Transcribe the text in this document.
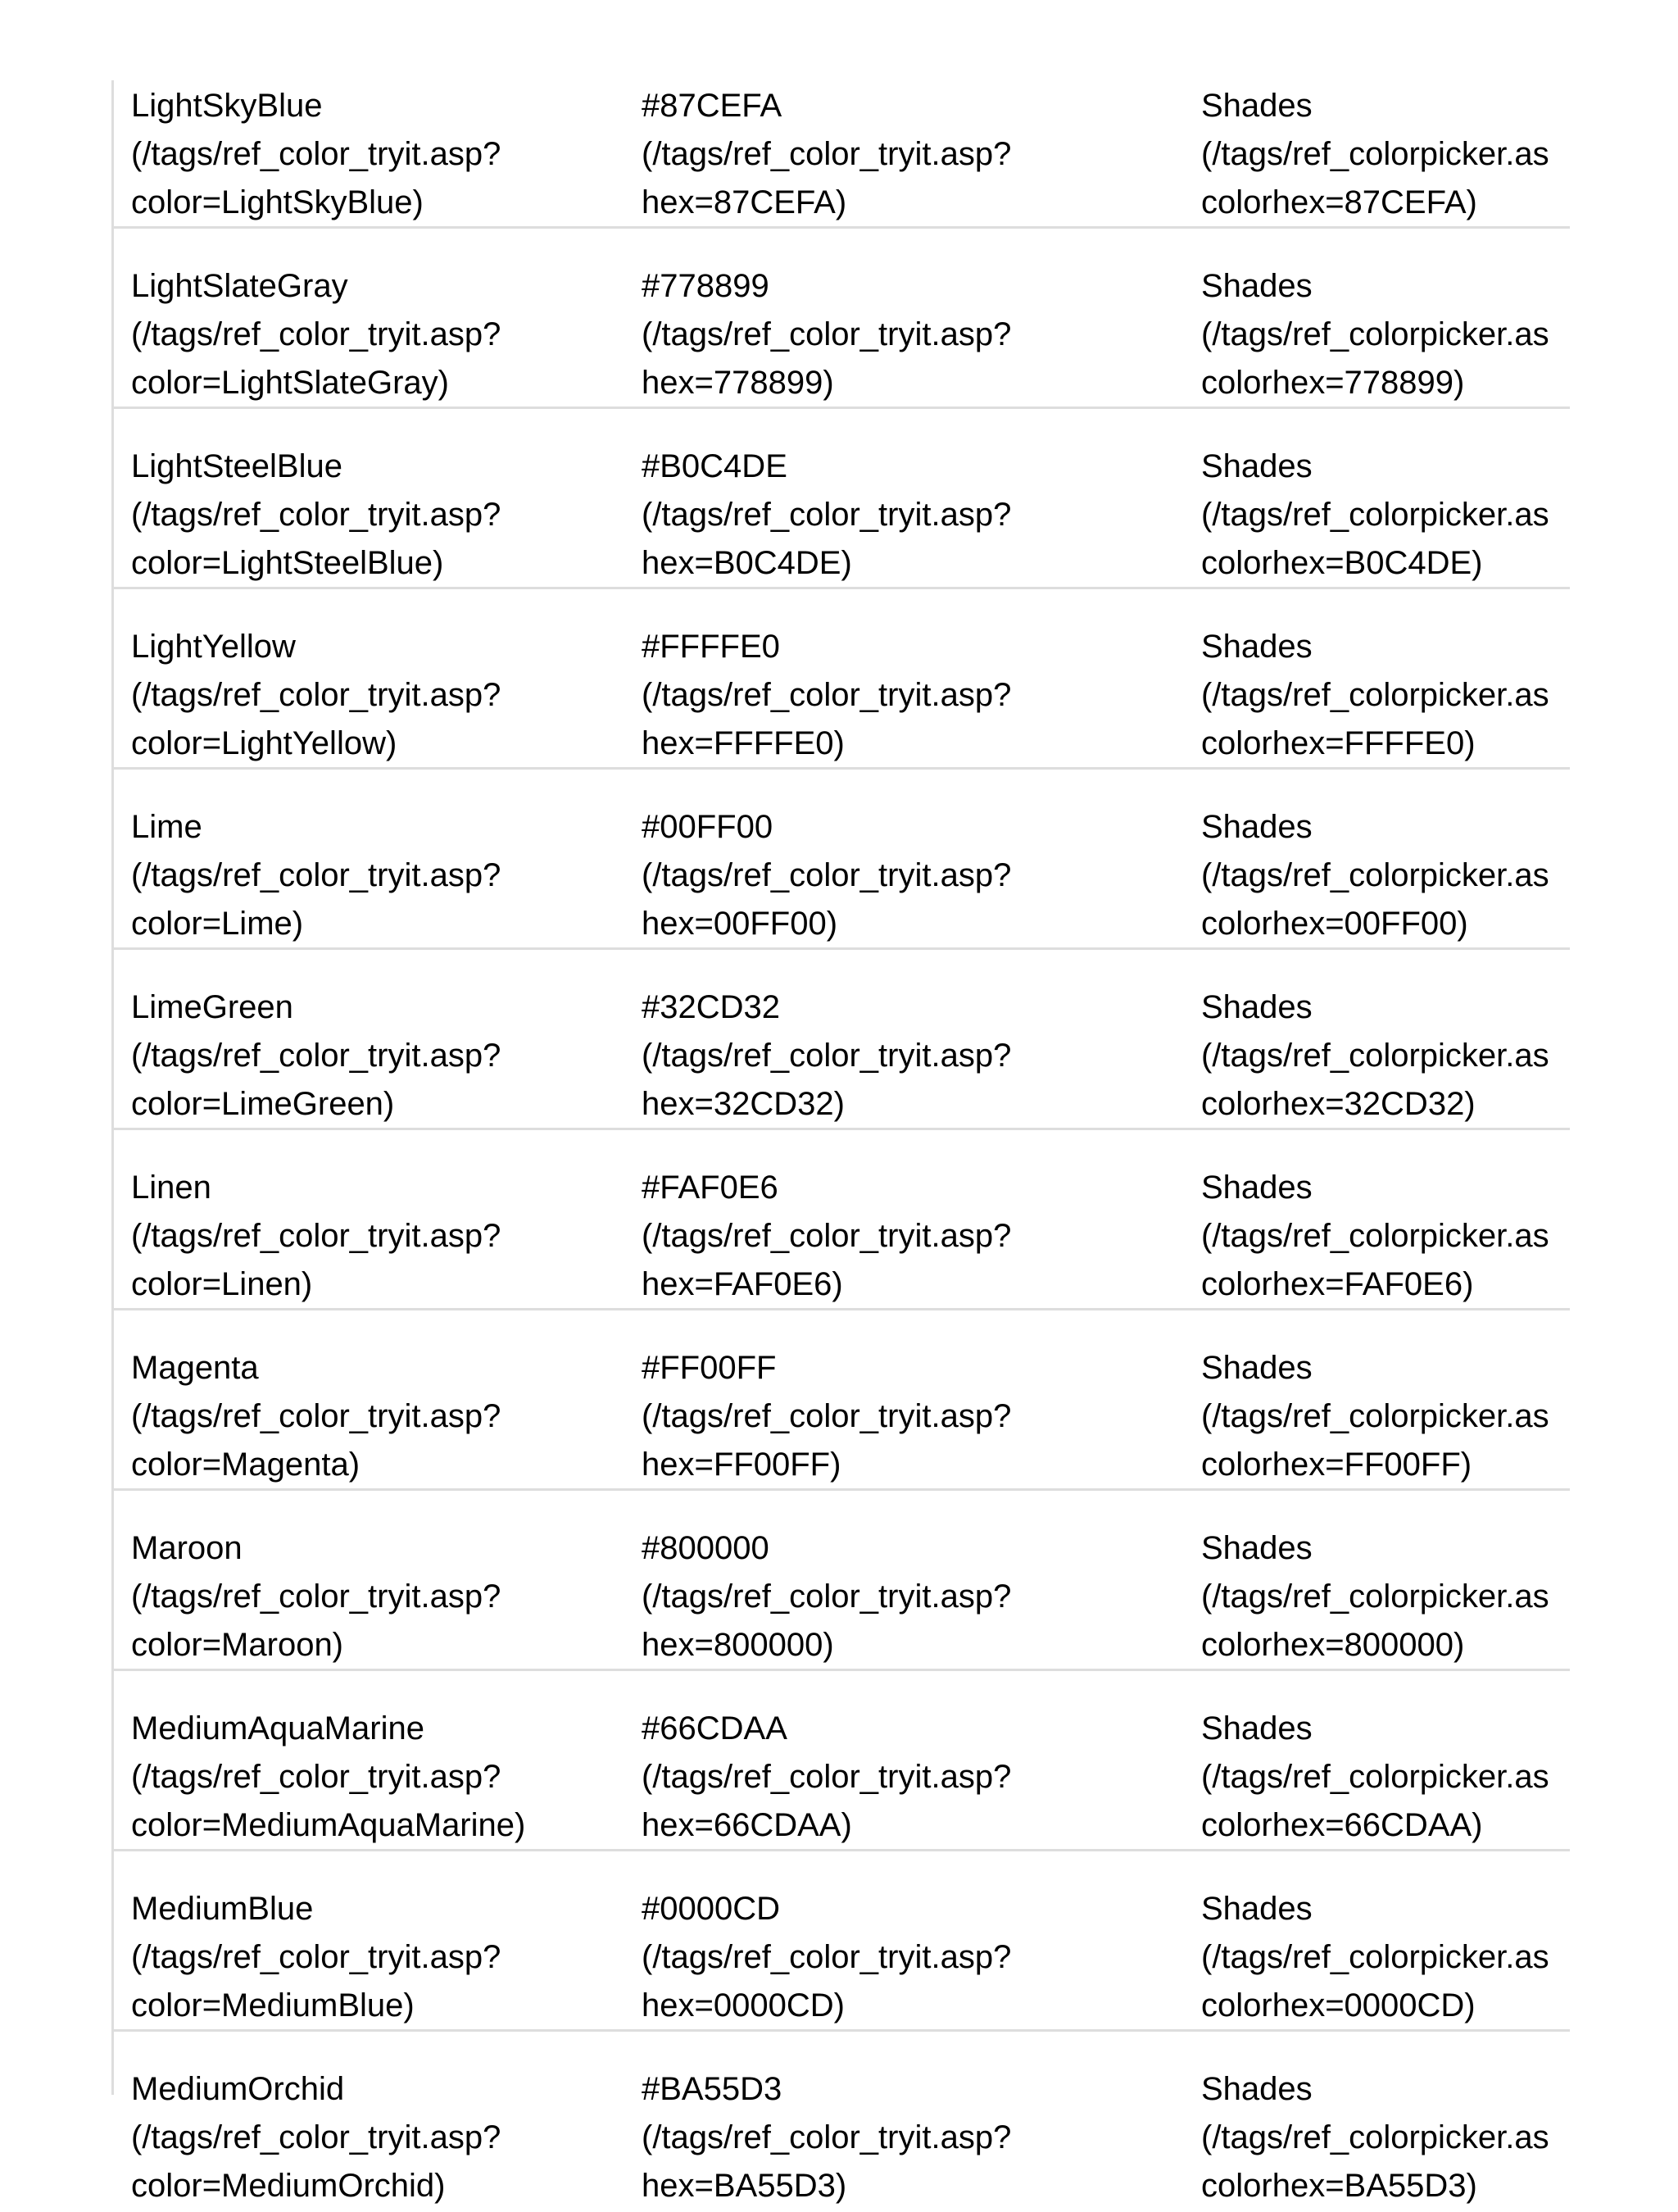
LightSkyBlue
(/tags/ref_color_tryit.asp?
color=LightSkyBlue)
#87CEFA
(/tags/ref_color_tryit.asp?
hex=87CEFA)
Shades
(/tags/ref_colorpicker.as
colorhex=87CEFA)
LightSlateGray
(/tags/ref_color_tryit.asp?
color=LightSlateGray)
#778899
(/tags/ref_color_tryit.asp?
hex=778899)
Shades
(/tags/ref_colorpicker.as
colorhex=778899)
LightSteelBlue
(/tags/ref_color_tryit.asp?
color=LightSteelBlue)
#B0C4DE
(/tags/ref_color_tryit.asp?
hex=B0C4DE)
Shades
(/tags/ref_colorpicker.as
colorhex=B0C4DE)
LightYellow
(/tags/ref_color_tryit.asp?
color=LightYellow)
#FFFFE0
(/tags/ref_color_tryit.asp?
hex=FFFFE0)
Shades
(/tags/ref_colorpicker.as
colorhex=FFFFE0)
Lime
(/tags/ref_color_tryit.asp?
color=Lime)
#00FF00
(/tags/ref_color_tryit.asp?
hex=00FF00)
Shades
(/tags/ref_colorpicker.as
colorhex=00FF00)
LimeGreen
(/tags/ref_color_tryit.asp?
color=LimeGreen)
#32CD32
(/tags/ref_color_tryit.asp?
hex=32CD32)
Shades
(/tags/ref_colorpicker.as
colorhex=32CD32)
Linen
(/tags/ref_color_tryit.asp?
color=Linen)
#FAF0E6
(/tags/ref_color_tryit.asp?
hex=FAF0E6)
Shades
(/tags/ref_colorpicker.as
colorhex=FAF0E6)
Magenta
(/tags/ref_color_tryit.asp?
color=Magenta)
#FF00FF
(/tags/ref_color_tryit.asp?
hex=FF00FF)
Shades
(/tags/ref_colorpicker.as
colorhex=FF00FF)
Maroon
(/tags/ref_color_tryit.asp?
color=Maroon)
#800000
(/tags/ref_color_tryit.asp?
hex=800000)
Shades
(/tags/ref_colorpicker.as
colorhex=800000)
MediumAquaMarine
(/tags/ref_color_tryit.asp?
color=MediumAquaMarine)
#66CDAA
(/tags/ref_color_tryit.asp?
hex=66CDAA)
Shades
(/tags/ref_colorpicker.as
colorhex=66CDAA)
MediumBlue
(/tags/ref_color_tryit.asp?
color=MediumBlue)
#0000CD
(/tags/ref_color_tryit.asp?
hex=0000CD)
Shades
(/tags/ref_colorpicker.as
colorhex=0000CD)
MediumOrchid
(/tags/ref_color_tryit.asp?
color=MediumOrchid)
#BA55D3
(/tags/ref_color_tryit.asp?
hex=BA55D3)
Shades
(/tags/ref_colorpicker.as
colorhex=BA55D3)
